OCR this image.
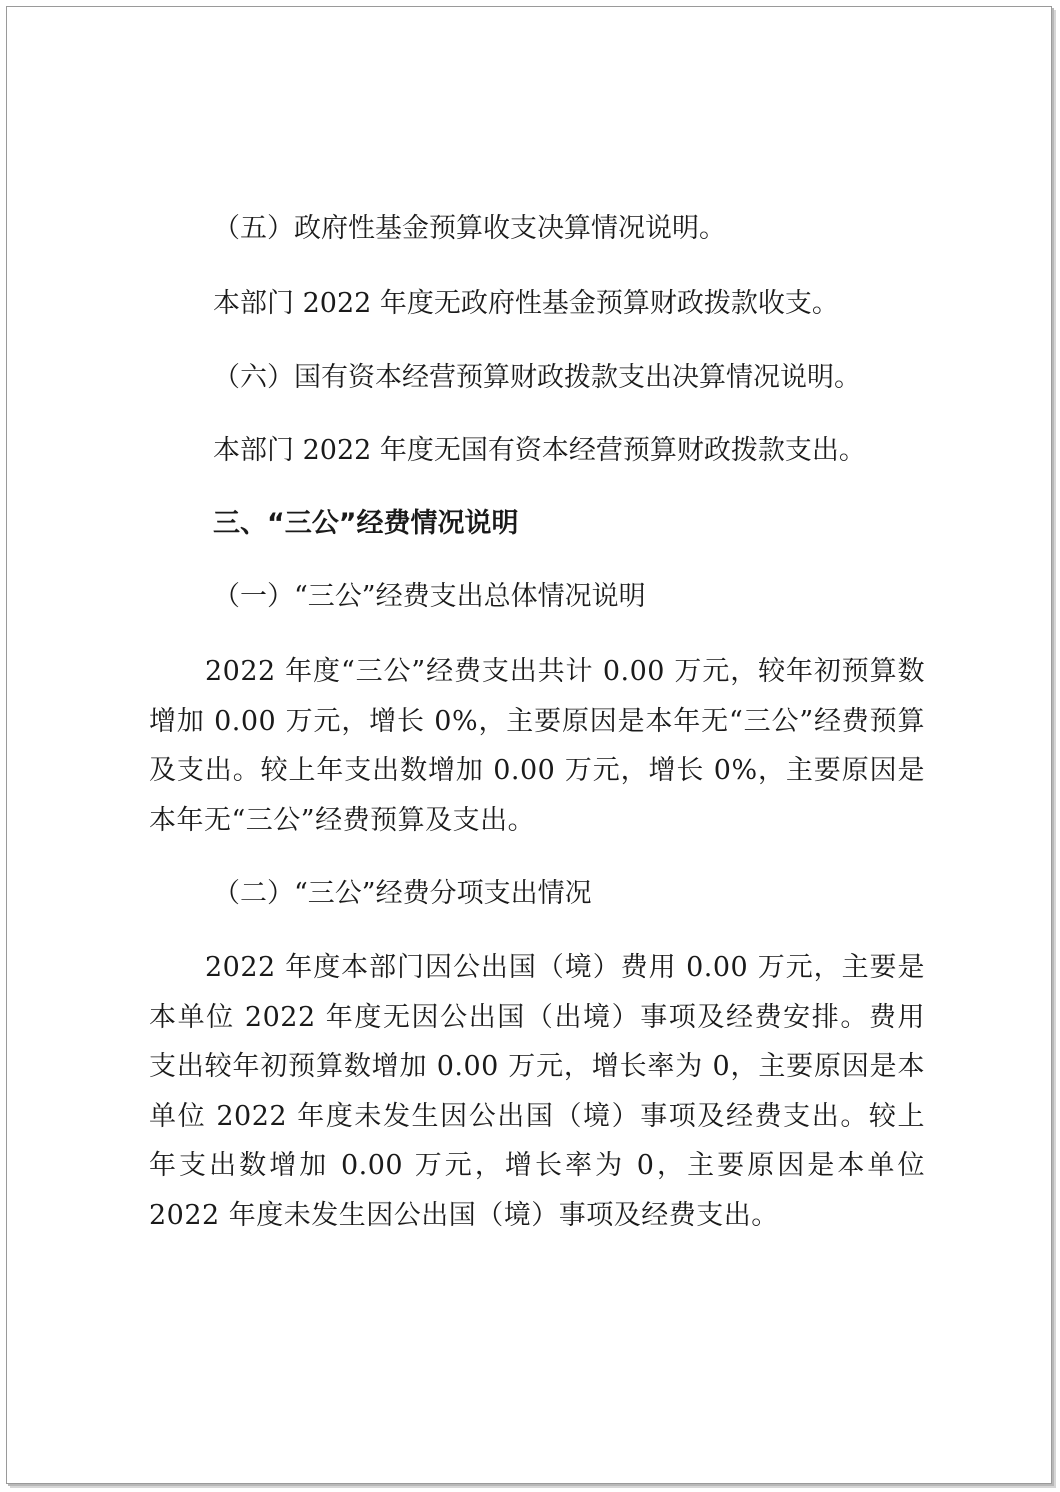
（五）政府性基金预算收支决算情况说明。
本部门 2022 年度无政府性基金预算财政拨款收支。
（六）国有资本经营预算财政拨款支出决算情况说明。
本部门 2022 年度无国有资本经营预算财政拨款支出。
三、“三公”经费情况说明
（一）“三公”经费支出总体情况说明
2022 年度“三公”经费支出共计 0.00 万元，较年初预算数增加 0.00 万元，增长 0%，主要原因是本年无“三公”经费预算及支出。较上年支出数增加 0.00 万元，增长 0%，主要原因是本年无“三公”经费预算及支出。
（二）“三公”经费分项支出情况
2022 年度本部门因公出国（境）费用 0.00 万元，主要是本单位 2022 年度无因公出国（出境）事项及经费安排。费用支出较年初预算数增加 0.00 万元，增长率为 0，主要原因是本单位 2022 年度未发生因公出国（境）事项及经费支出。较上年支出数增加 0.00 万元，增长率为 0，主要原因是本单位 2022 年度未发生因公出国（境）事项及经费支出。
